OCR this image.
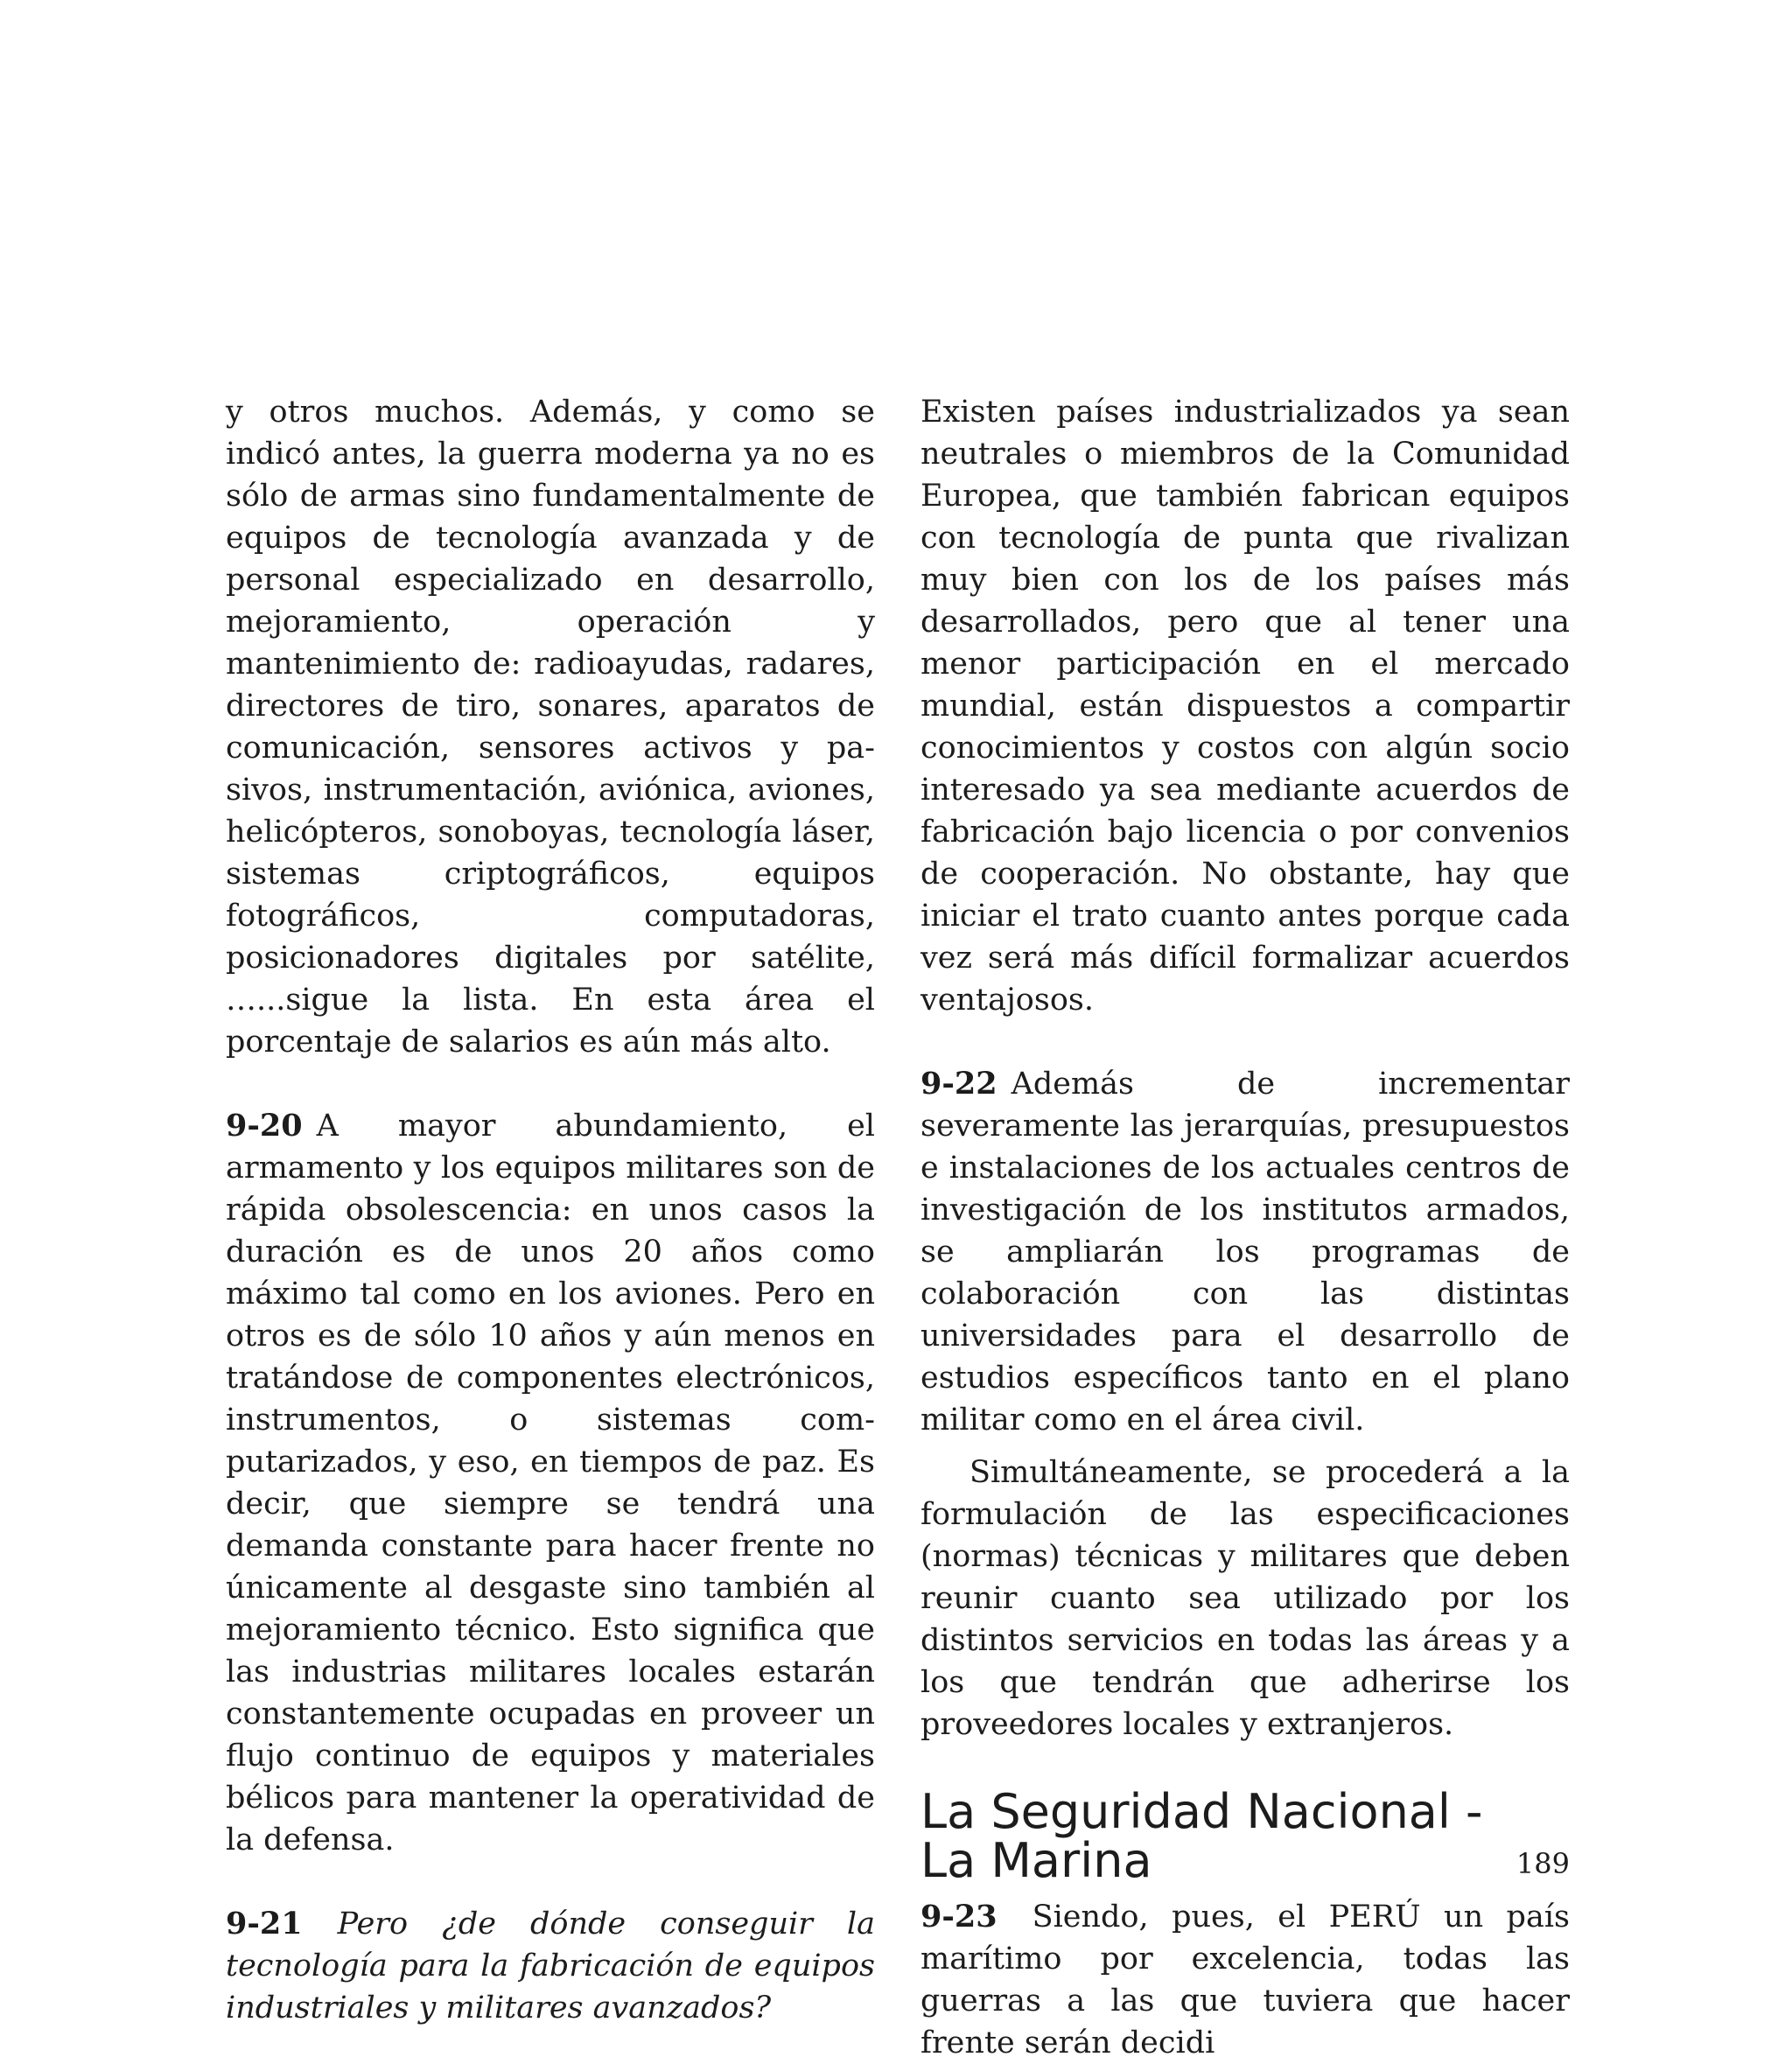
y otros muchos. Además, y como se indicó antes, la guerra moderna ya no es sólo de armas sino fundamentalmente de equipos de tecnología avanzada y de personal especializado en desarrollo, mejoramiento, operación y mantenimiento de: radioayudas, radares, directores de tiro, sonares, aparatos de comunicación, sensores activos y pasivos, instrumentación, aviónica, aviones, helicópteros, sonoboyas, tecnología láser, sistemas criptográficos, equipos fotográficos, computadoras, posicionadores digitales por satélite, …...sigue la lista. En esta área el porcentaje de salarios es aún más alto.

9-20 A mayor abundamiento, el armamento y los equipos militares son de rápida obsolescencia: en unos casos la duración es de unos 20 años como máximo tal como en los aviones. Pero en otros es de sólo 10 años y aún menos en tratándose de componentes electrónicos, instrumentos, o sistemas computarizados, y eso, en tiempos de paz. Es decir, que siempre se tendrá una demanda constante para hacer frente no únicamente al desgaste sino también al mejoramiento técnico. Esto significa que las industrias militares locales estarán constantemente ocupadas en proveer un flujo continuo de equipos y materiales bélicos para mantener la operatividad de la defensa.

9-21 Pero ¿de dónde conseguir la tecnología para la fabricación de equipos industriales y militares avanzados?

Existen países industrializados ya sean neutrales o miembros de la Comunidad Europea, que también fabrican equipos con tecnología de punta que rivalizan muy bien con los de los países más desarrollados, pero que al tener una menor participación en el mercado mundial, están dispuestos a compartir conocimientos y costos con algún socio interesado ya sea mediante acuerdos de fabricación bajo licencia o por convenios de cooperación. No obstante, hay que iniciar el trato cuanto antes porque cada vez será más difícil formalizar acuerdos ventajosos.

9-22 Además de incrementar severamente las jerarquías, presupuestos e instalaciones de los actuales centros de investigación de los institutos armados, se ampliarán los programas de colaboración con las distintas universidades para el desarrollo de estudios específicos tanto en el plano militar como en el área civil.

Simultáneamente, se procederá a la formulación de las especificaciones (normas) técnicas y militares que deben reunir cuanto sea utilizado por los distintos servicios en todas las áreas y a los que tendrán que adherirse los proveedores locales y extranjeros.

La Seguridad Nacional -
La Marina

9-23 Siendo, pues, el PERÚ un país marítimo por excelencia, todas las guerras a las que tuviera que hacer frente serán decidi

189
